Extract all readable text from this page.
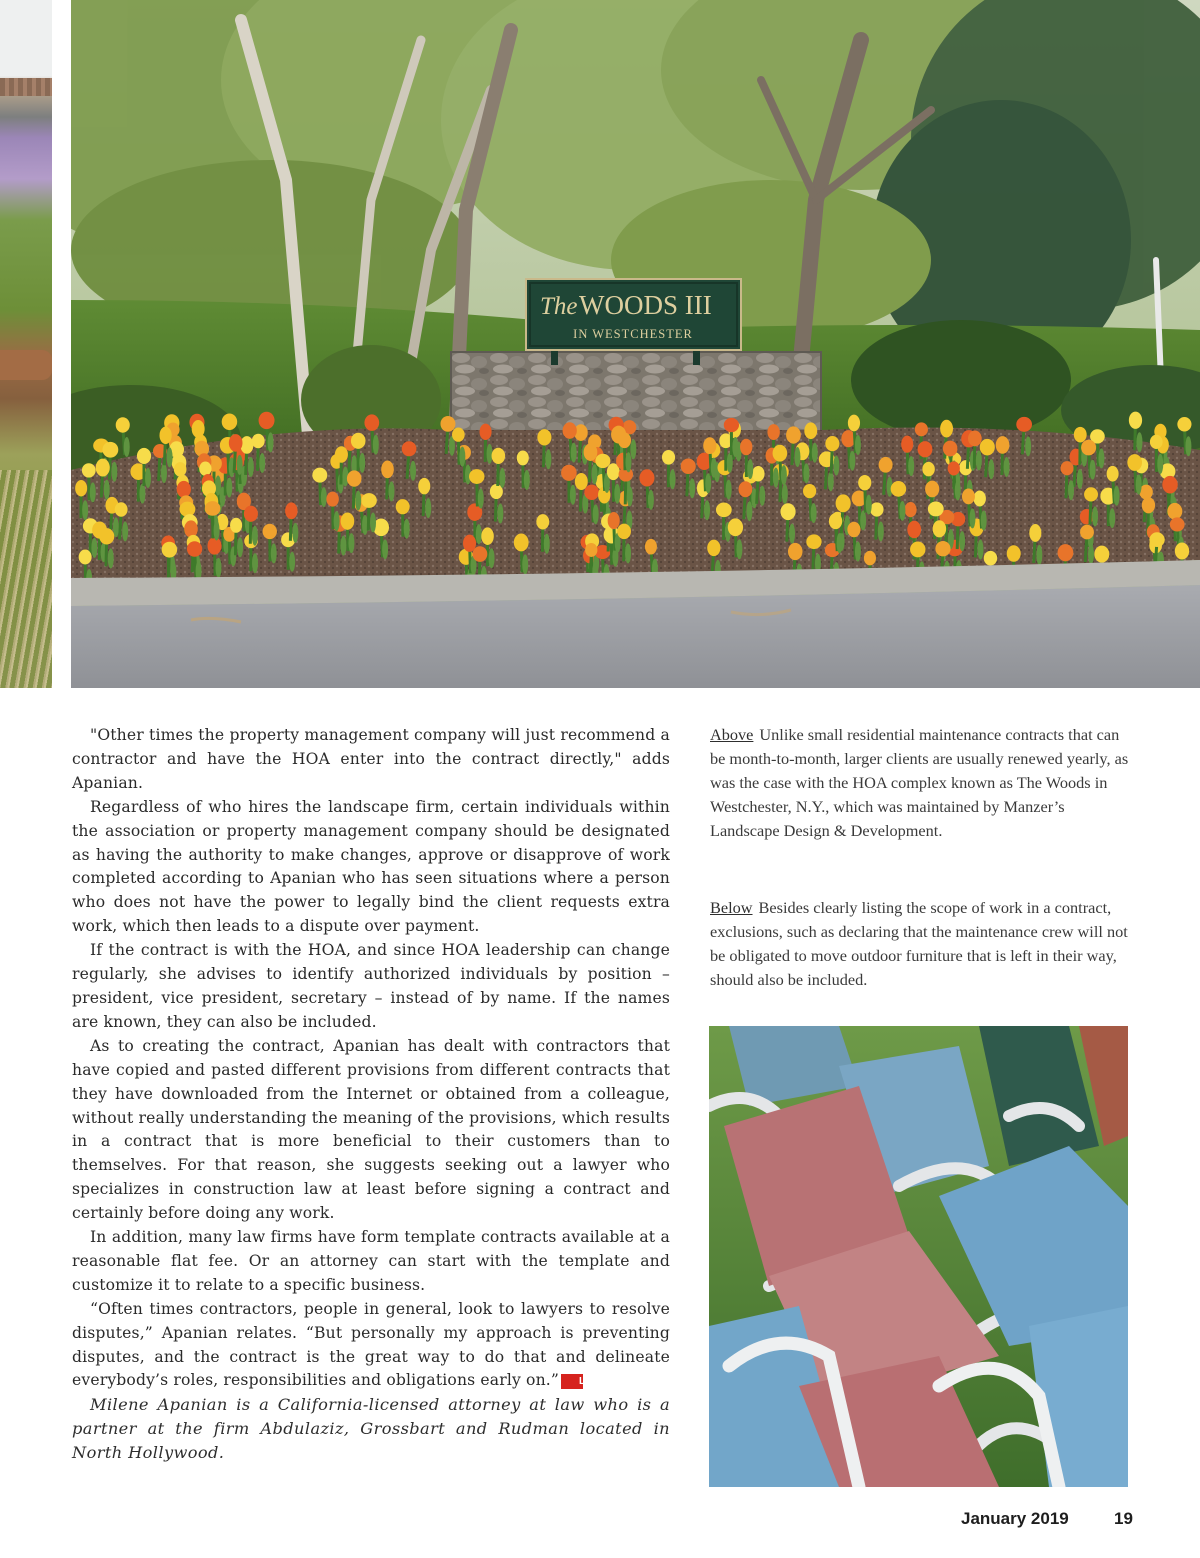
The WOODS III
IN WESTCHESTER

"Other times the property management company will just recommend a contractor and have the HOA enter into the contract directly," adds Apanian.

Regardless of who hires the landscape firm, certain individuals within the association or property management company should be designated as having the authority to make changes, approve or disapprove of work completed according to Apanian who has seen situations where a person who does not have the power to legally bind the client requests extra work, which then leads to a dispute over payment.

If the contract is with the HOA, and since HOA leadership can change regularly, she advises to identify authorized individuals by position – president, vice president, secretary – instead of by name. If the names are known, they can also be included.

As to creating the contract, Apanian has dealt with contractors that have copied and pasted different provisions from different contracts that they have downloaded from the Internet or obtained from a colleague, without really understanding the meaning of the provisions, which results in a contract that is more beneficial to their customers than to themselves. For that reason, she suggests seeking out a lawyer who specializes in construction law at least before signing a contract and certainly before doing any work.

In addition, many law firms have form template contracts available at a reasonable flat fee. Or an attorney can start with the template and customize it to relate to a specific business.

“Often times contractors, people in general, look to lawyers to resolve disputes,” Apanian relates. “But personally my approach is preventing disputes, and the contract is the great way to do that and delineate everybody’s roles, responsibilities and obligations early on.” LC

Milene Apanian is a California-licensed attorney at law who is a partner at the firm Abdulaziz, Grossbart and Rudman located in North Hollywood.
Above Unlike small residential maintenance contracts that can be month-to-month, larger clients are usually renewed yearly, as was the case with the HOA complex known as The Woods in Westchester, N.Y., which was maintained by Manzer’s Landscape Design & Development.
Below Besides clearly listing the scope of work in a contract, exclusions, such as declaring that the maintenance crew will not be obligated to move outdoor furniture that is left in their way, should also be included.
January 2019	19
